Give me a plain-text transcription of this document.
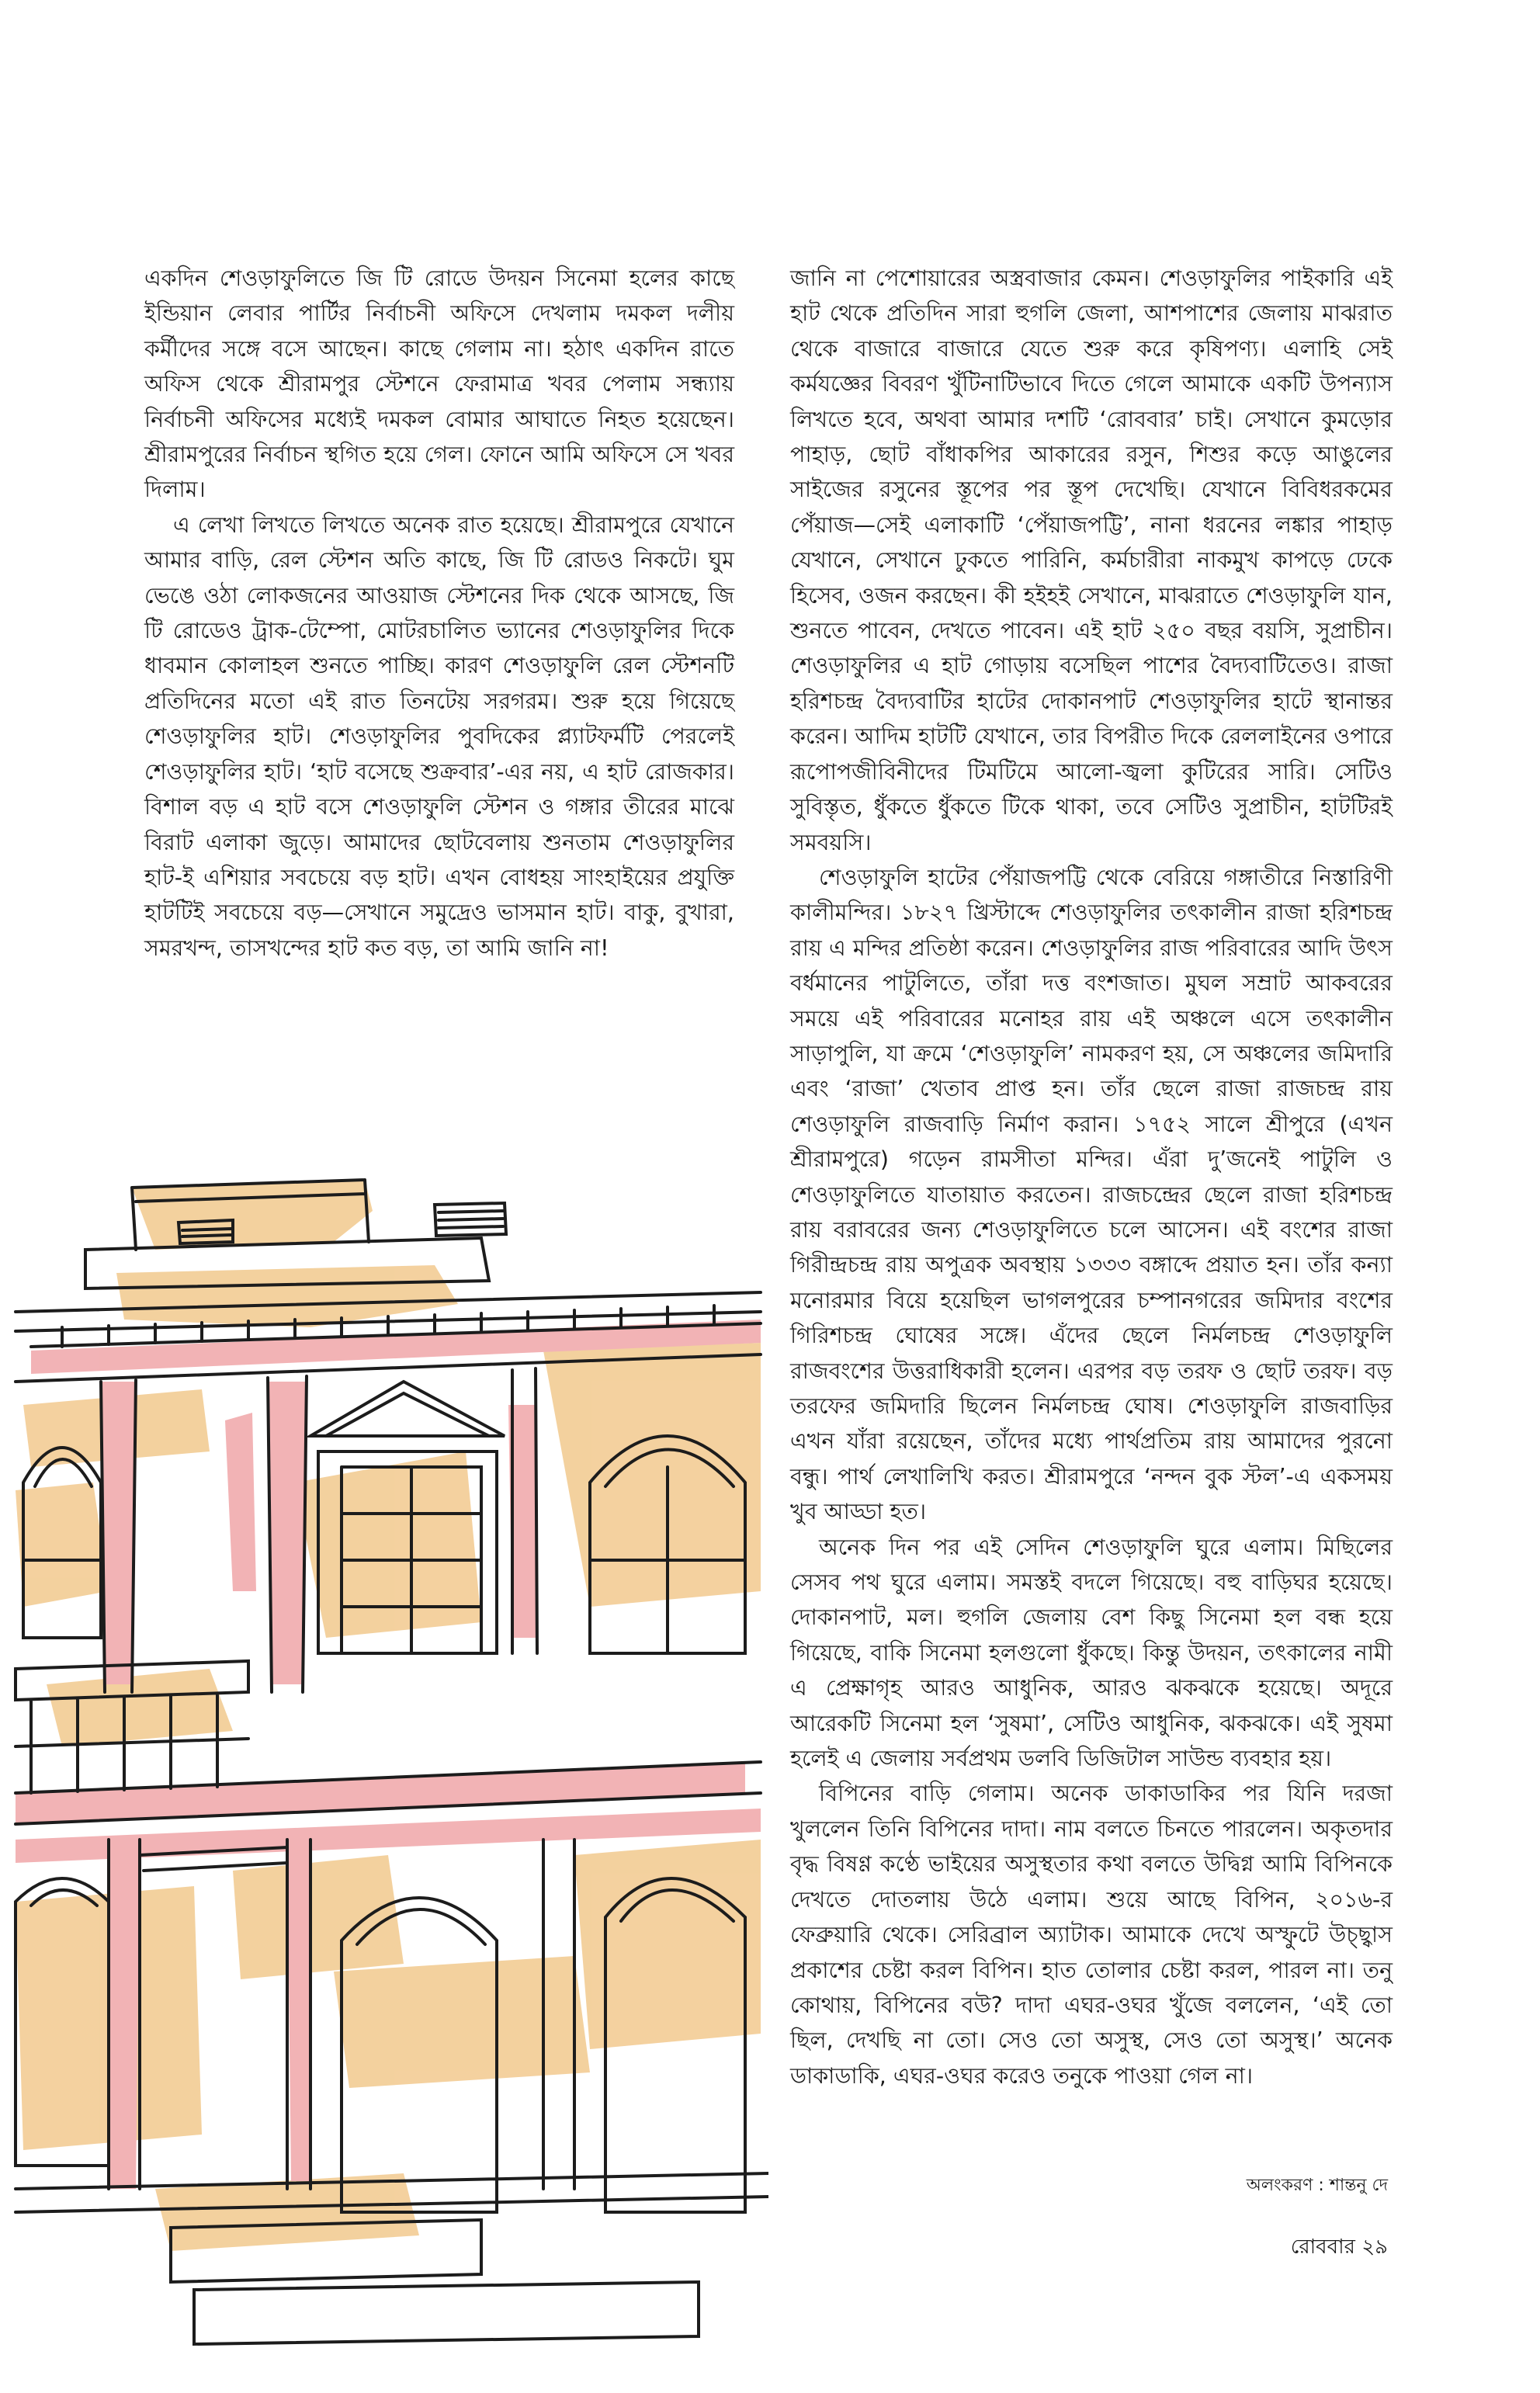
একদিন শেওড়াফুলিতে জি টি রোডে উদয়ন সিনেমা হলের কাছে ইন্ডিয়ান লেবার পার্টির নির্বাচনী অফিসে দেখলাম দমকল দলীয় কর্মীদের সঙ্গে বসে আছেন। কাছে গেলাম না। হঠাৎ একদিন রাতে অফিস থেকে শ্রীরামপুর স্টেশনে ফেরামাত্র খবর পেলাম সন্ধ্যায় নির্বাচনী অফিসের মধ্যেই দমকল বোমার আঘাতে নিহত হয়েছেন। শ্রীরামপুরের নির্বাচন স্থগিত হয়ে গেল। ফোনে আমি অফিসে সে খবর দিলাম।

এ লেখা লিখতে লিখতে অনেক রাত হয়েছে। শ্রীরামপুরে যেখানে আমার বাড়ি, রেল স্টেশন অতি কাছে, জি টি রোডও নিকটে। ঘুম ভেঙে ওঠা লোকজনের আওয়াজ স্টেশনের দিক থেকে আসছে, জি টি রোডেও ট্রাক-টেম্পো, মোটরচালিত ভ্যানের শেওড়াফুলির দিকে ধাবমান কোলাহল শুনতে পাচ্ছি। কারণ শেওড়াফুলি রেল স্টেশনটি প্রতিদিনের মতো এই রাত তিনটেয় সরগরম। শুরু হয়ে গিয়েছে শেওড়াফুলির হাট। শেওড়াফুলির পুবদিকের প্ল্যাটফর্মটি পেরলেই শেওড়াফুলির হাট। ‘হাট বসেছে শুক্রবার’-এর নয়, এ হাট রোজকার। বিশাল বড় এ হাট বসে শেওড়াফুলি স্টেশন ও গঙ্গার তীরের মাঝে বিরাট এলাকা জুড়ে। আমাদের ছোটবেলায় শুনতাম শেওড়াফুলির হাট-ই এশিয়ার সবচেয়ে বড় হাট। এখন বোধহয় সাংহাইয়ের প্রযুক্তি হাটটিই সবচেয়ে বড়—সেখানে সমুদ্রেও ভাসমান হাট। বাকু, বুখারা, সমরখন্দ, তাসখন্দের হাট কত বড়, তা আমি জানি না!

জানি না পেশোয়ারের অস্ত্রবাজার কেমন। শেওড়াফুলির পাইকারি এই হাট থেকে প্রতিদিন সারা হুগলি জেলা, আশপাশের জেলায় মাঝরাত থেকে বাজারে বাজারে যেতে শুরু করে কৃষিপণ্য। এলাহি সেই কর্মযজ্ঞের বিবরণ খুঁটিনাটিভাবে দিতে গেলে আমাকে একটি উপন্যাস লিখতে হবে, অথবা আমার দশটি ‘রোববার’ চাই। সেখানে কুমড়োর পাহাড়, ছোট বাঁধাকপির আকারের রসুন, শিশুর কড়ে আঙুলের সাইজের রসুনের স্তূপের পর স্তূপ দেখেছি। যেখানে বিবিধরকমের পেঁয়াজ—সেই এলাকাটি ‘পেঁয়াজপট্টি’, নানা ধরনের লঙ্কার পাহাড় যেখানে, সেখানে ঢুকতে পারিনি, কর্মচারীরা নাকমুখ কাপড়ে ঢেকে হিসেব, ওজন করছেন। কী হইহই সেখানে, মাঝরাতে শেওড়াফুলি যান, শুনতে পাবেন, দেখতে পাবেন। এই হাট ২৫০ বছর বয়সি, সুপ্রাচীন। শেওড়াফুলির এ হাট গোড়ায় বসেছিল পাশের বৈদ্যবাটিতেও। রাজা হরিশচন্দ্র বৈদ্যবাটির হাটের দোকানপাট শেওড়াফুলির হাটে স্থানান্তর করেন। আদিম হাটটি যেখানে, তার বিপরীত দিকে রেললাইনের ওপারে রূপোপজীবিনীদের টিমটিমে আলো-জ্বলা কুটিরের সারি। সেটিও সুবিস্তৃত, ধুঁকতে ধুঁকতে টিকে থাকা, তবে সেটিও সুপ্রাচীন, হাটটিরই সমবয়সি।

শেওড়াফুলি হাটের পেঁয়াজপট্টি থেকে বেরিয়ে গঙ্গাতীরে নিস্তারিণী কালীমন্দির। ১৮২৭ খ্রিস্টাব্দে শেওড়াফুলির তৎকালীন রাজা হরিশচন্দ্র রায় এ মন্দির প্রতিষ্ঠা করেন। শেওড়াফুলির রাজ পরিবারের আদি উৎস বর্ধমানের পাটুলিতে, তাঁরা দত্ত বংশজাত। মুঘল সম্রাট আকবরের সময়ে এই পরিবারের মনোহর রায় এই অঞ্চলে এসে তৎকালীন সাড়াপুলি, যা ক্রমে ‘শেওড়াফুলি’ নামকরণ হয়, সে অঞ্চলের জমিদারি এবং ‘রাজা’ খেতাব প্রাপ্ত হন। তাঁর ছেলে রাজা রাজচন্দ্র রায় শেওড়াফুলি রাজবাড়ি নির্মাণ করান। ১৭৫২ সালে শ্রীপুরে (এখন শ্রীরামপুরে) গড়েন রামসীতা মন্দির। এঁরা দু’জনেই পাটুলি ও শেওড়াফুলিতে যাতায়াত করতেন। রাজচন্দ্রের ছেলে রাজা হরিশচন্দ্র রায় বরাবরের জন্য শেওড়াফুলিতে চলে আসেন। এই বংশের রাজা গিরীন্দ্রচন্দ্র রায় অপুত্রক অবস্থায় ১৩৩৩ বঙ্গাব্দে প্রয়াত হন। তাঁর কন্যা মনোরমার বিয়ে হয়েছিল ভাগলপুরের চম্পানগরের জমিদার বংশের গিরিশচন্দ্র ঘোষের সঙ্গে। এঁদের ছেলে নির্মলচন্দ্র শেওড়াফুলি রাজবংশের উত্তরাধিকারী হলেন। এরপর বড় তরফ ও ছোট তরফ। বড় তরফের জমিদারি ছিলেন নির্মলচন্দ্র ঘোষ। শেওড়াফুলি রাজবাড়ির এখন যাঁরা রয়েছেন, তাঁদের মধ্যে পার্থপ্রতিম রায় আমাদের পুরনো বন্ধু। পার্থ লেখালিখি করত। শ্রীরামপুরে ‘নন্দন বুক স্টল’-এ একসময় খুব আড্ডা হত।

অনেক দিন পর এই সেদিন শেওড়াফুলি ঘুরে এলাম। মিছিলের সেসব পথ ঘুরে এলাম। সমস্তই বদলে গিয়েছে। বহু বাড়িঘর হয়েছে। দোকানপাট, মল। হুগলি জেলায় বেশ কিছু সিনেমা হল বন্ধ হয়ে গিয়েছে, বাকি সিনেমা হলগুলো ধুঁকছে। কিন্তু উদয়ন, তৎকালের নামী এ প্রেক্ষাগৃহ আরও আধুনিক, আরও ঝকঝকে হয়েছে। অদূরে আরেকটি সিনেমা হল ‘সুষমা’, সেটিও আধুনিক, ঝকঝকে। এই সুষমা হলেই এ জেলায় সর্বপ্রথম ডলবি ডিজিটাল সাউন্ড ব্যবহার হয়।

বিপিনের বাড়ি গেলাম। অনেক ডাকাডাকির পর যিনি দরজা খুললেন তিনি বিপিনের দাদা। নাম বলতে চিনতে পারলেন। অকৃতদার বৃদ্ধ বিষণ্ণ কণ্ঠে ভাইয়ের অসুস্থতার কথা বলতে উদ্বিগ্ন আমি বিপিনকে দেখতে দোতলায় উঠে এলাম। শুয়ে আছে বিপিন, ২০১৬-র ফেব্রুয়ারি থেকে। সেরিব্রাল অ্যাটাক। আমাকে দেখে অস্ফুটে উচ্ছ্বাস প্রকাশের চেষ্টা করল বিপিন। হাত তোলার চেষ্টা করল, পারল না। তনু কোথায়, বিপিনের বউ? দাদা এঘর-ওঘর খুঁজে বললেন, ‘এই তো ছিল, দেখছি না তো। সেও তো অসুস্থ, সেও তো অসুস্থ।’ অনেক ডাকাডাকি, এঘর-ওঘর করেও তনুকে পাওয়া গেল না।

অলংকরণ : শান্তনু দে
রোববার ২৯
